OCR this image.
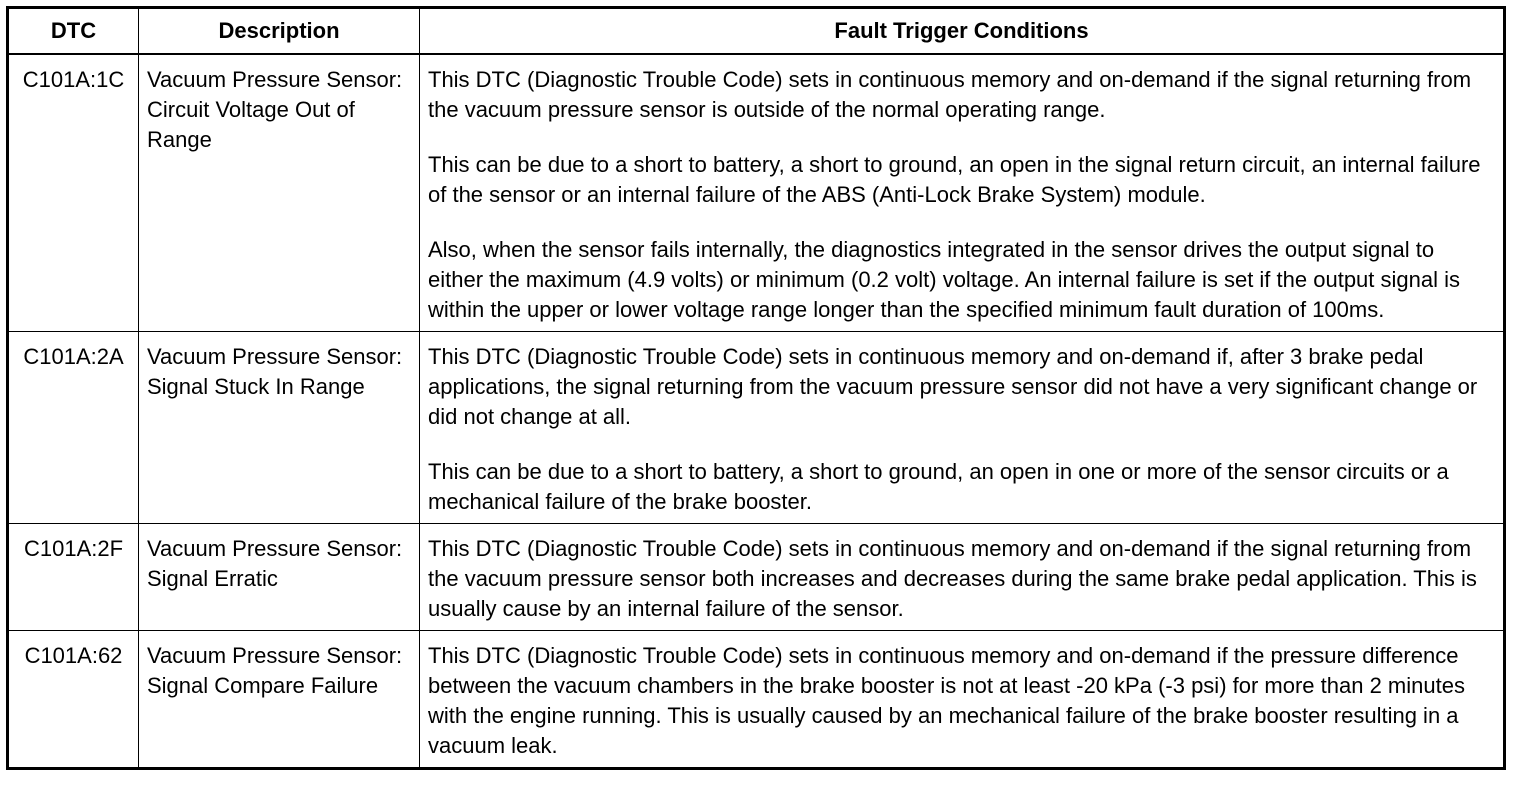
DTC	Description	Fault Trigger Conditions
C101A:1C	Vacuum Pressure Sensor: Circuit Voltage Out of Range	This DTC (Diagnostic Trouble Code) sets in continuous memory and on-demand if the signal returning from the vacuum pressure sensor is outside of the normal operating range.

This can be due to a short to battery, a short to ground, an open in the signal return circuit, an internal failure of the sensor or an internal failure of the ABS (Anti-Lock Brake System) module.

Also, when the sensor fails internally, the diagnostics integrated in the sensor drives the output signal to either the maximum (4.9 volts) or minimum (0.2 volt) voltage. An internal failure is set if the output signal is within the upper or lower voltage range longer than the specified minimum fault duration of 100ms.

C101A:2A	Vacuum Pressure Sensor: Signal Stuck In Range	This DTC (Diagnostic Trouble Code) sets in continuous memory and on-demand if, after 3 brake pedal applications, the signal returning from the vacuum pressure sensor did not have a very significant change or did not change at all.

This can be due to a short to battery, a short to ground, an open in one or more of the sensor circuits or a mechanical failure of the brake booster.

C101A:2F	Vacuum Pressure Sensor: Signal Erratic	This DTC (Diagnostic Trouble Code) sets in continuous memory and on-demand if the signal returning from the vacuum pressure sensor both increases and decreases during the same brake pedal application. This is usually cause by an internal failure of the sensor.

C101A:62	Vacuum Pressure Sensor: Signal Compare Failure	This DTC (Diagnostic Trouble Code) sets in continuous memory and on-demand if the pressure difference between the vacuum chambers in the brake booster is not at least -20 kPa (-3 psi) for more than 2 minutes with the engine running. This is usually caused by an mechanical failure of the brake booster resulting in a vacuum leak.
